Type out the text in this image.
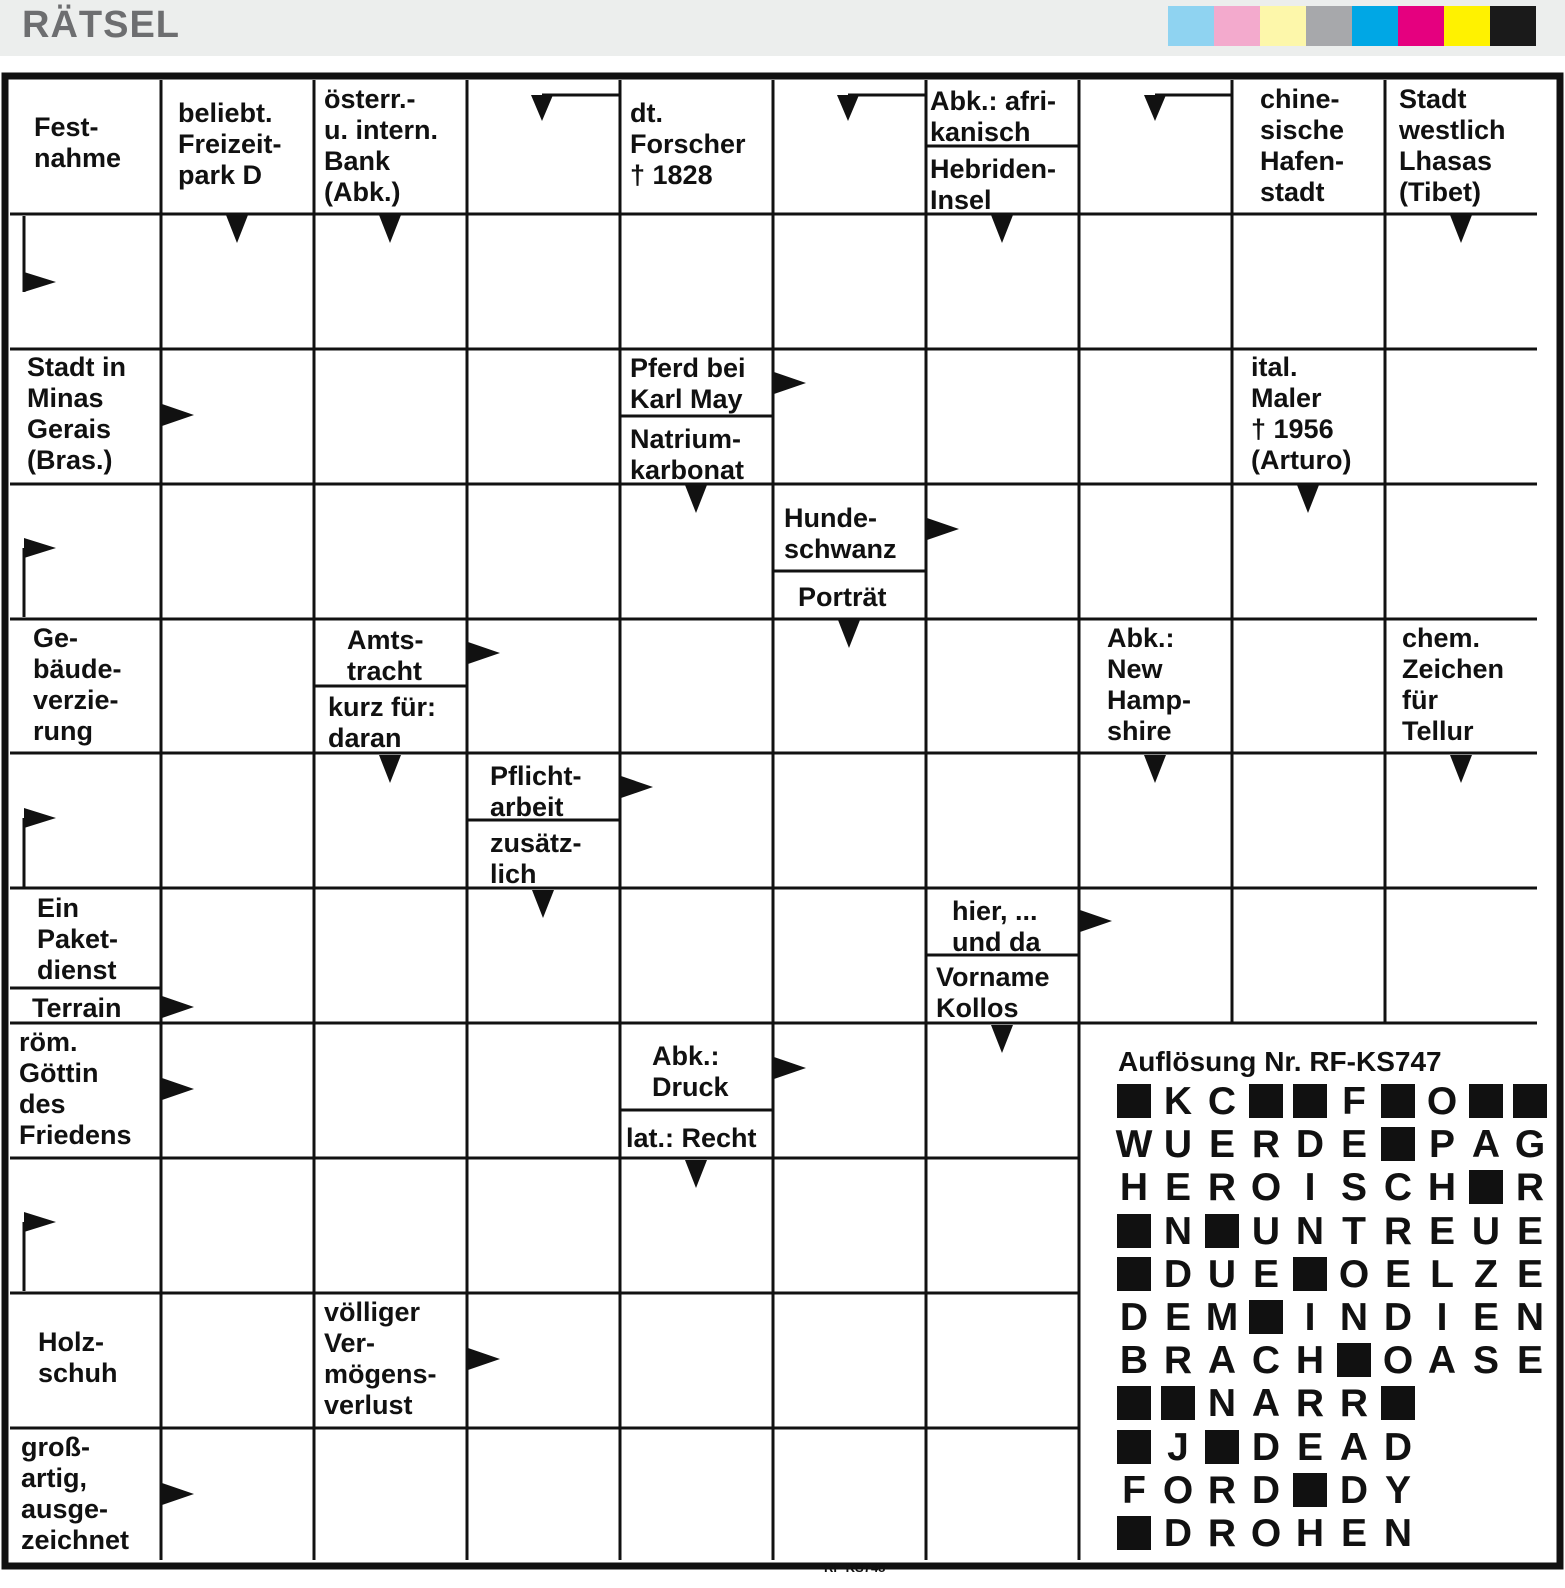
RÄTSEL
Fest-
nahme
beliebt.
Freizeit-
park D
österr.-
u. intern.
Bank
(Abk.)
dt.
Forscher
† 1828
Abk.: afri-
kanisch
Hebriden-
Insel
chine-
sische
Hafen-
stadt
Stadt
westlich
Lhasas
(Tibet)
Stadt in
Minas
Gerais
(Bras.)
Pferd bei
Karl May
Natrium-
karbonat
ital.
Maler
† 1956
(Arturo)
Hunde-
schwanz
Porträt
Ge-
bäude-
verzie-
rung
Amts-
tracht
kurz für:
daran
Abk.:
New
Hamp-
shire
chem.
Zeichen
für
Tellur
Pflicht-
arbeit
zusätz-
lich
Ein
Paket-
dienst
Terrain
hier, ...
und da
Vorname
Kollos
röm.
Göttin
des
Friedens
Abk.:
Druck
lat.: Recht
Holz-
schuh
völliger
Ver-
mögens-
verlust
groß-
artig,
ausge-
zeichnet
Auflösung Nr. RF-KS747
K C	F O
W U E R D E P A G
H E R O I S C H R
N U N T R E U E
D U E O E L Z E
D E M I N D I E N
B R A C H O A S E
N A R R
J D E A D
F O R D D Y
D R O H E N
RF-KS748
